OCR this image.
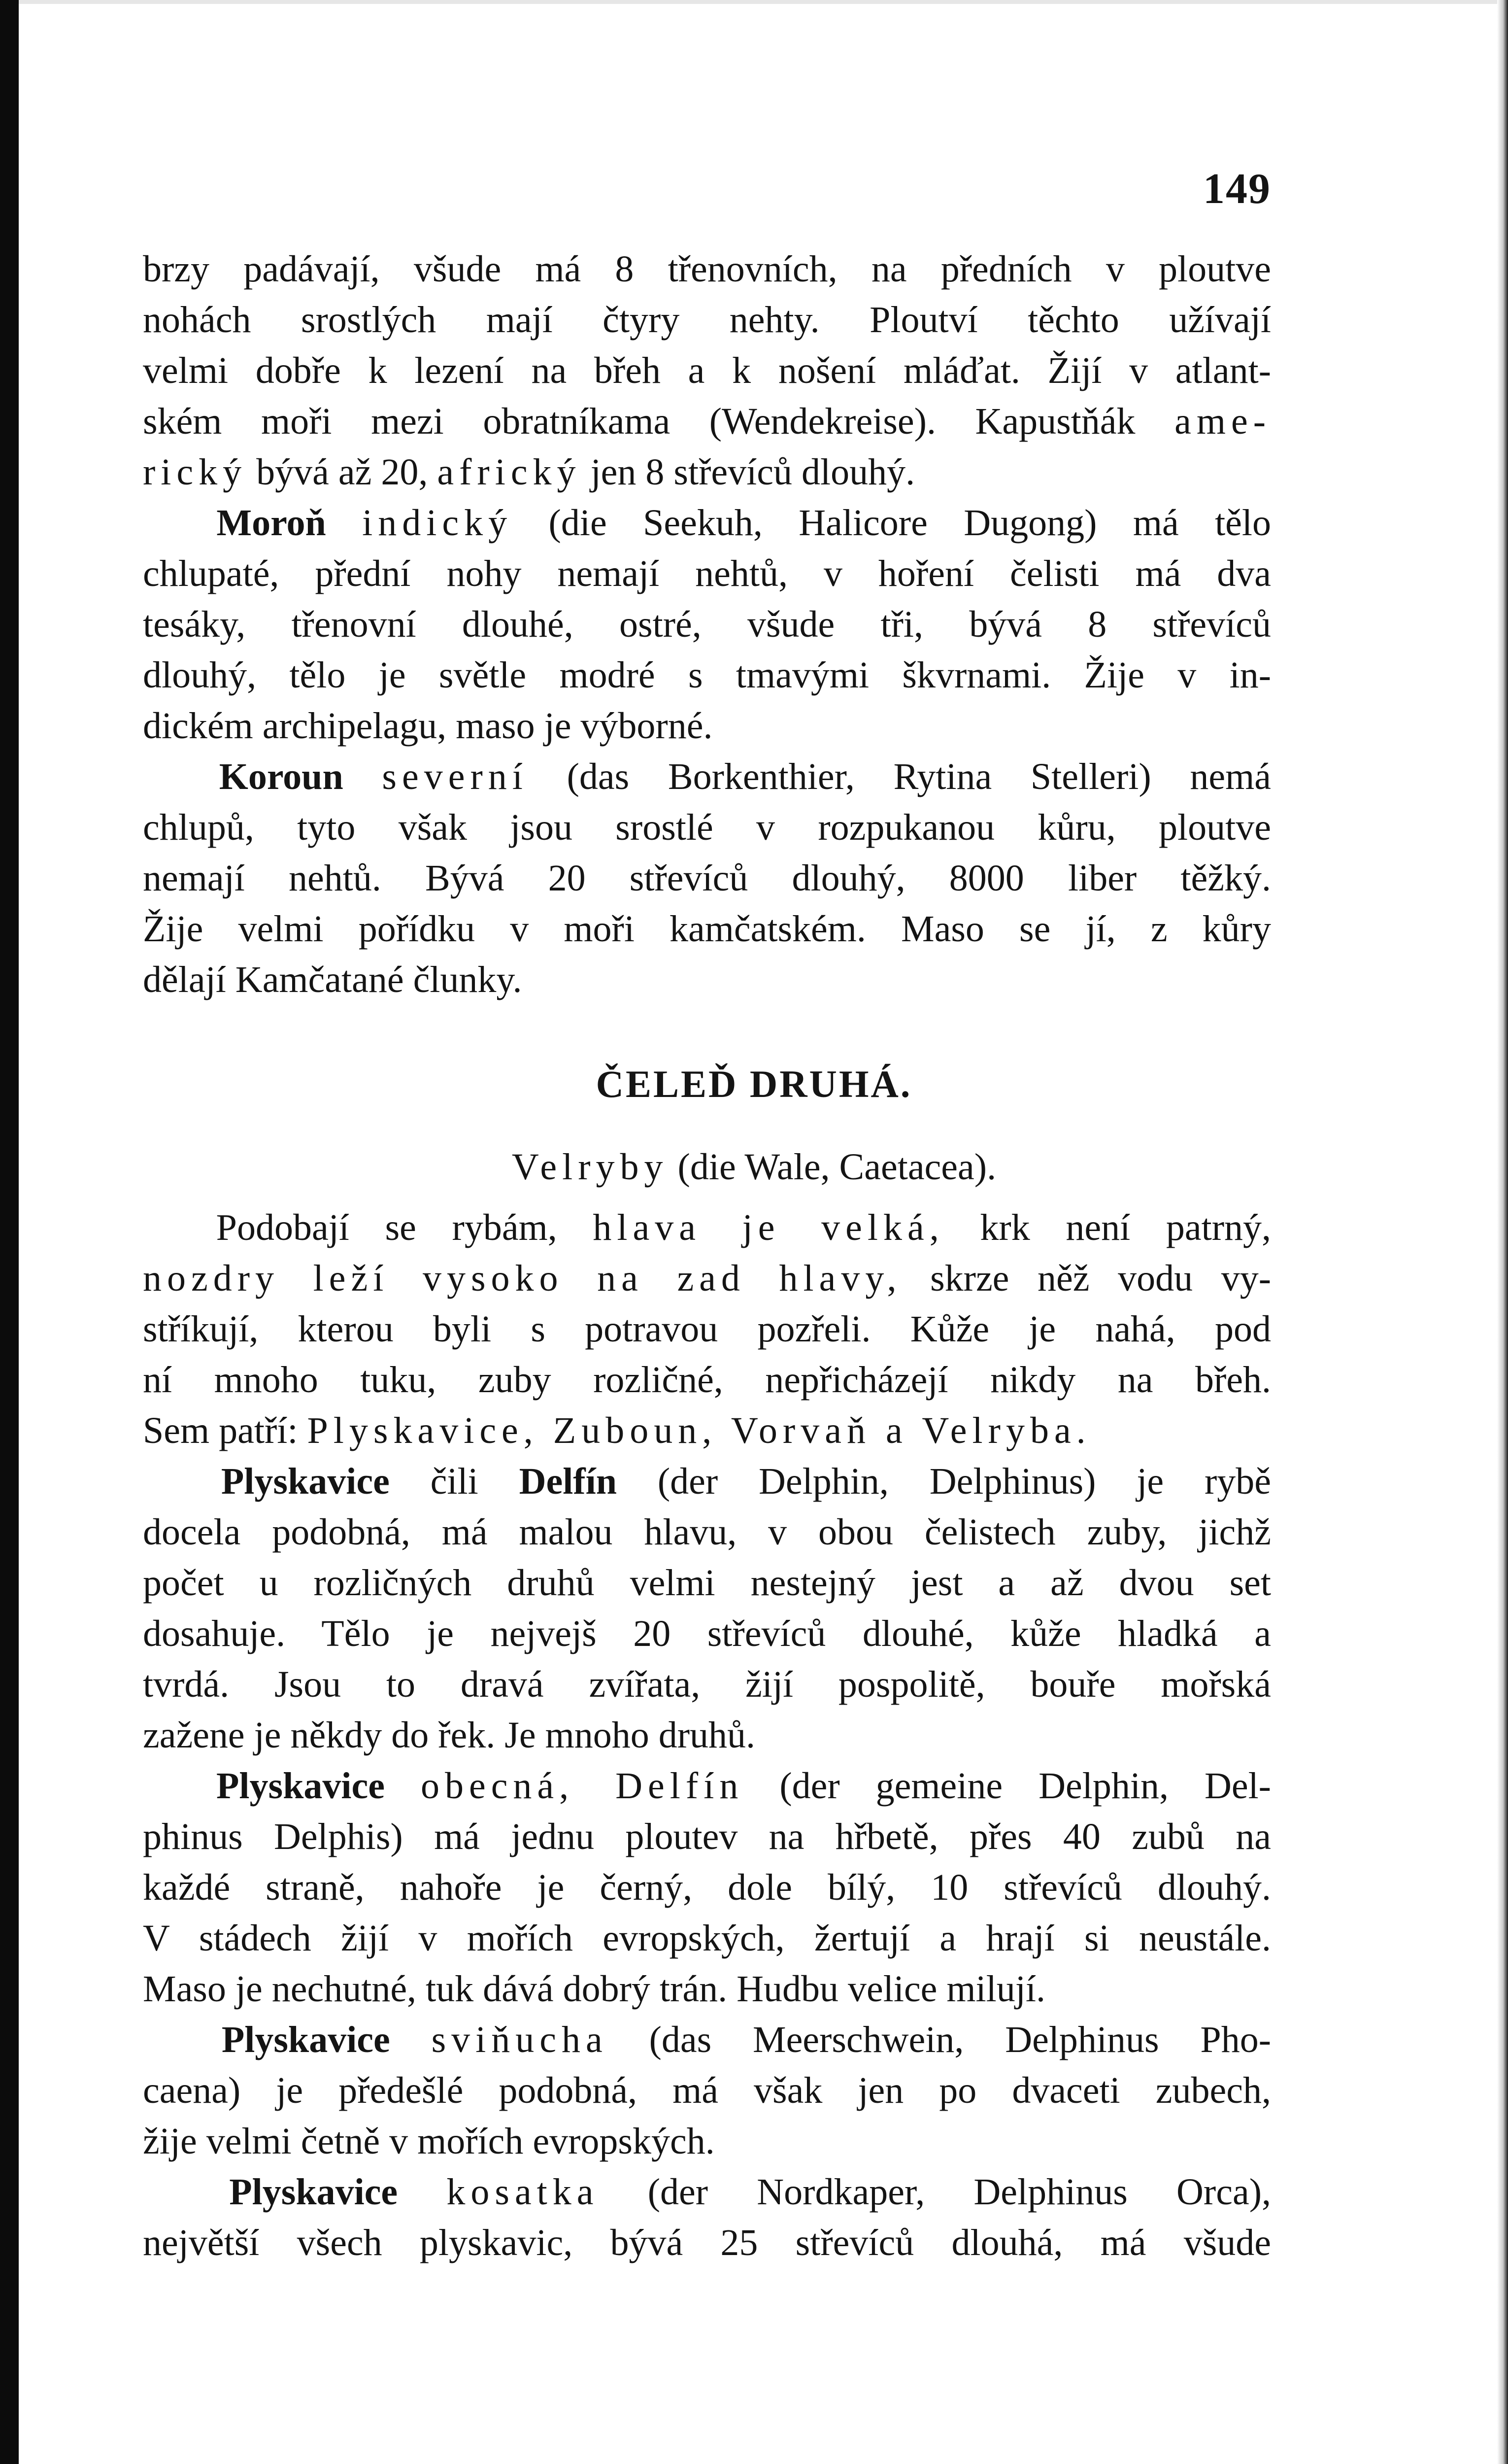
149
brzy padávají, všude má 8 třenovních, na předních v ploutve
nohách srostlých mají čtyry nehty. Ploutví těchto užívají
velmi dobře k lezení na břeh a k nošení mláďat. Žijí v atlant-
ském moři mezi obratníkama (Wendekreise). Kapustňák ame-
rický bývá až 20, africký jen 8 střevíců dlouhý.
  Moroň indický (die Seekuh, Halicore Dugong) má tělo
chlupaté, přední nohy nemají nehtů, v hoření čelisti má dva
tesáky, třenovní dlouhé, ostré, všude tři, bývá 8 střevíců
dlouhý, tělo je světle modré s tmavými škvrnami. Žije v in-
dickém archipelagu, maso je výborné.
  Koroun severní (das Borkenthier, Rytina Stelleri) nemá
chlupů, tyto však jsou srostlé v rozpukanou kůru, ploutve
nemají nehtů. Bývá 20 střevíců dlouhý, 8000 liber těžký.
Žije velmi pořídku v moři kamčatském. Maso se jí, z kůry
dělají Kamčatané člunky.
ČELEĎ DRUHÁ.
Velryby (die Wale, Caetacea).
  Podobají se rybám, hlava je velká, krk není patrný,
nozdry leží vysoko na zad hlavy, skrze něž vodu vy-
stříkují, kterou byli s potravou pozřeli. Kůže je nahá, pod
ní mnoho tuku, zuby rozličné, nepřicházejí nikdy na břeh.
Sem patří: Plyskavice, Zuboun, Vorvaň a Velryba.
  Plyskavice čili Delfín (der Delphin, Delphinus) je rybě
docela podobná, má malou hlavu, v obou čelistech zuby, jichž
počet u rozličných druhů velmi nestejný jest a až dvou set
dosahuje. Tělo je nejvejš 20 střevíců dlouhé, kůže hladká a
tvrdá. Jsou to dravá zvířata, žijí pospolitě, bouře mořská
zažene je někdy do řek. Je mnoho druhů.
  Plyskavice obecná, Delfín (der gemeine Delphin, Del-
phinus Delphis) má jednu ploutev na hřbetě, přes 40 zubů na
každé straně, nahoře je černý, dole bílý, 10 střevíců dlouhý.
V stádech žijí v mořích evropských, žertují a hrají si neustále.
Maso je nechutné, tuk dává dobrý trán. Hudbu velice milují.
  Plyskavice sviňucha (das Meerschwein, Delphinus Pho-
caena) je předešlé podobná, má však jen po dvaceti zubech,
žije velmi četně v mořích evropských.
  Plyskavice kosatka (der Nordkaper, Delphinus Orca),
největší všech plyskavic, bývá 25 střevíců dlouhá, má všude
